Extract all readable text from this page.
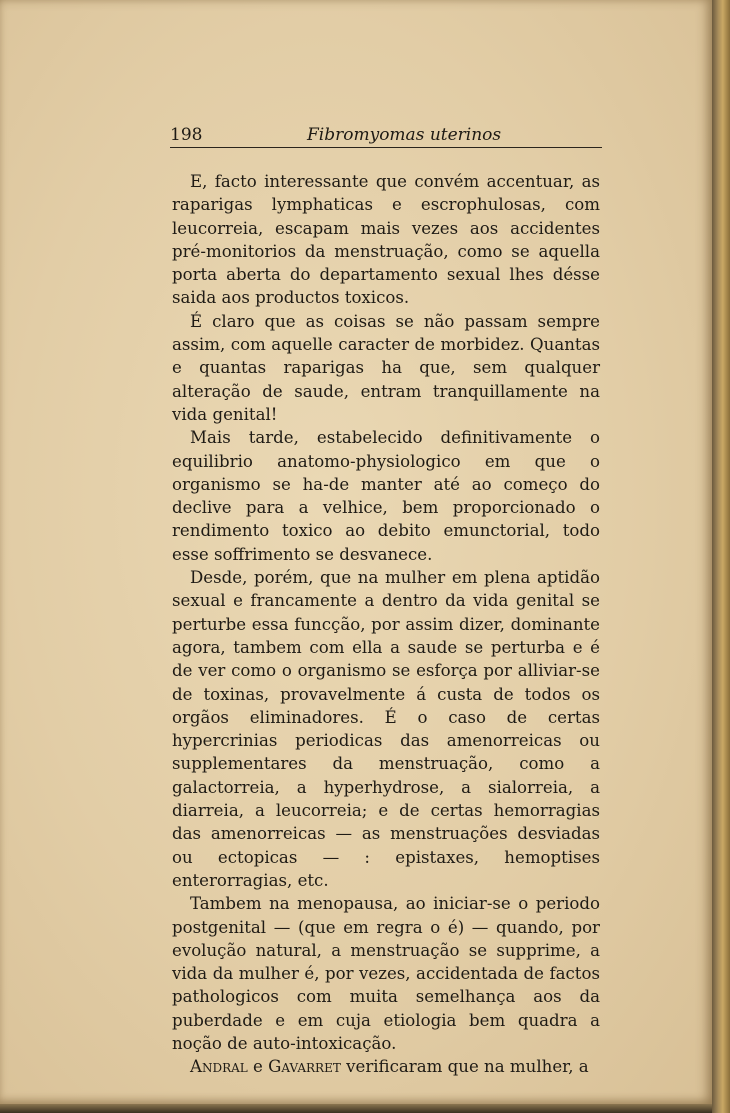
198	Fibromyomas uterinos

E, facto interessante que convém accentuar, as raparigas lymphaticas e escrophulosas, com leucorreia, escapam mais vezes aos accidentes pré-monitorios da menstruação, como se aquella porta aberta do departamento sexual lhes désse saida aos productos toxicos.

É claro que as coisas se não passam sempre assim, com aquelle caracter de morbidez. Quantas e quantas raparigas ha que, sem qualquer alteração de saude, entram tranquillamente na vida genital!

Mais tarde, estabelecido definitivamente o equilibrio anatomo-physiologico em que o organismo se ha-de manter até ao começo do declive para a velhice, bem proporcionado o rendimento toxico ao debito emunctorial, todo esse soffrimento se desvanece.

Desde, porém, que na mulher em plena aptidão sexual e francamente a dentro da vida genital se perturbe essa funcção, por assim dizer, dominante agora, tambem com ella a saude se perturba e é de ver como o organismo se esforça por alliviar-se de toxinas, provavelmente á custa de todos os orgãos eliminadores. É o caso de certas hypercrinias periodicas das amenorreicas ou supplementares da menstruação, como a galactorreia, a hyperhydrose, a sialorreia, a diarreia, a leucorreia; e de certas hemorragias das amenorreicas — as menstruações desviadas ou ectopicas — : epistaxes, hemoptises enterorragias, etc.

Tambem na menopausa, ao iniciar-se o periodo postgenital — (que em regra o é) — quando, por evolução natural, a menstruação se supprime, a vida da mulher é, por vezes, accidentada de factos pathologicos com muita semelhança aos da puberdade e em cuja etiologia bem quadra a noção de auto-intoxicação.

Andral e Gavarret verificaram que na mulher, a
